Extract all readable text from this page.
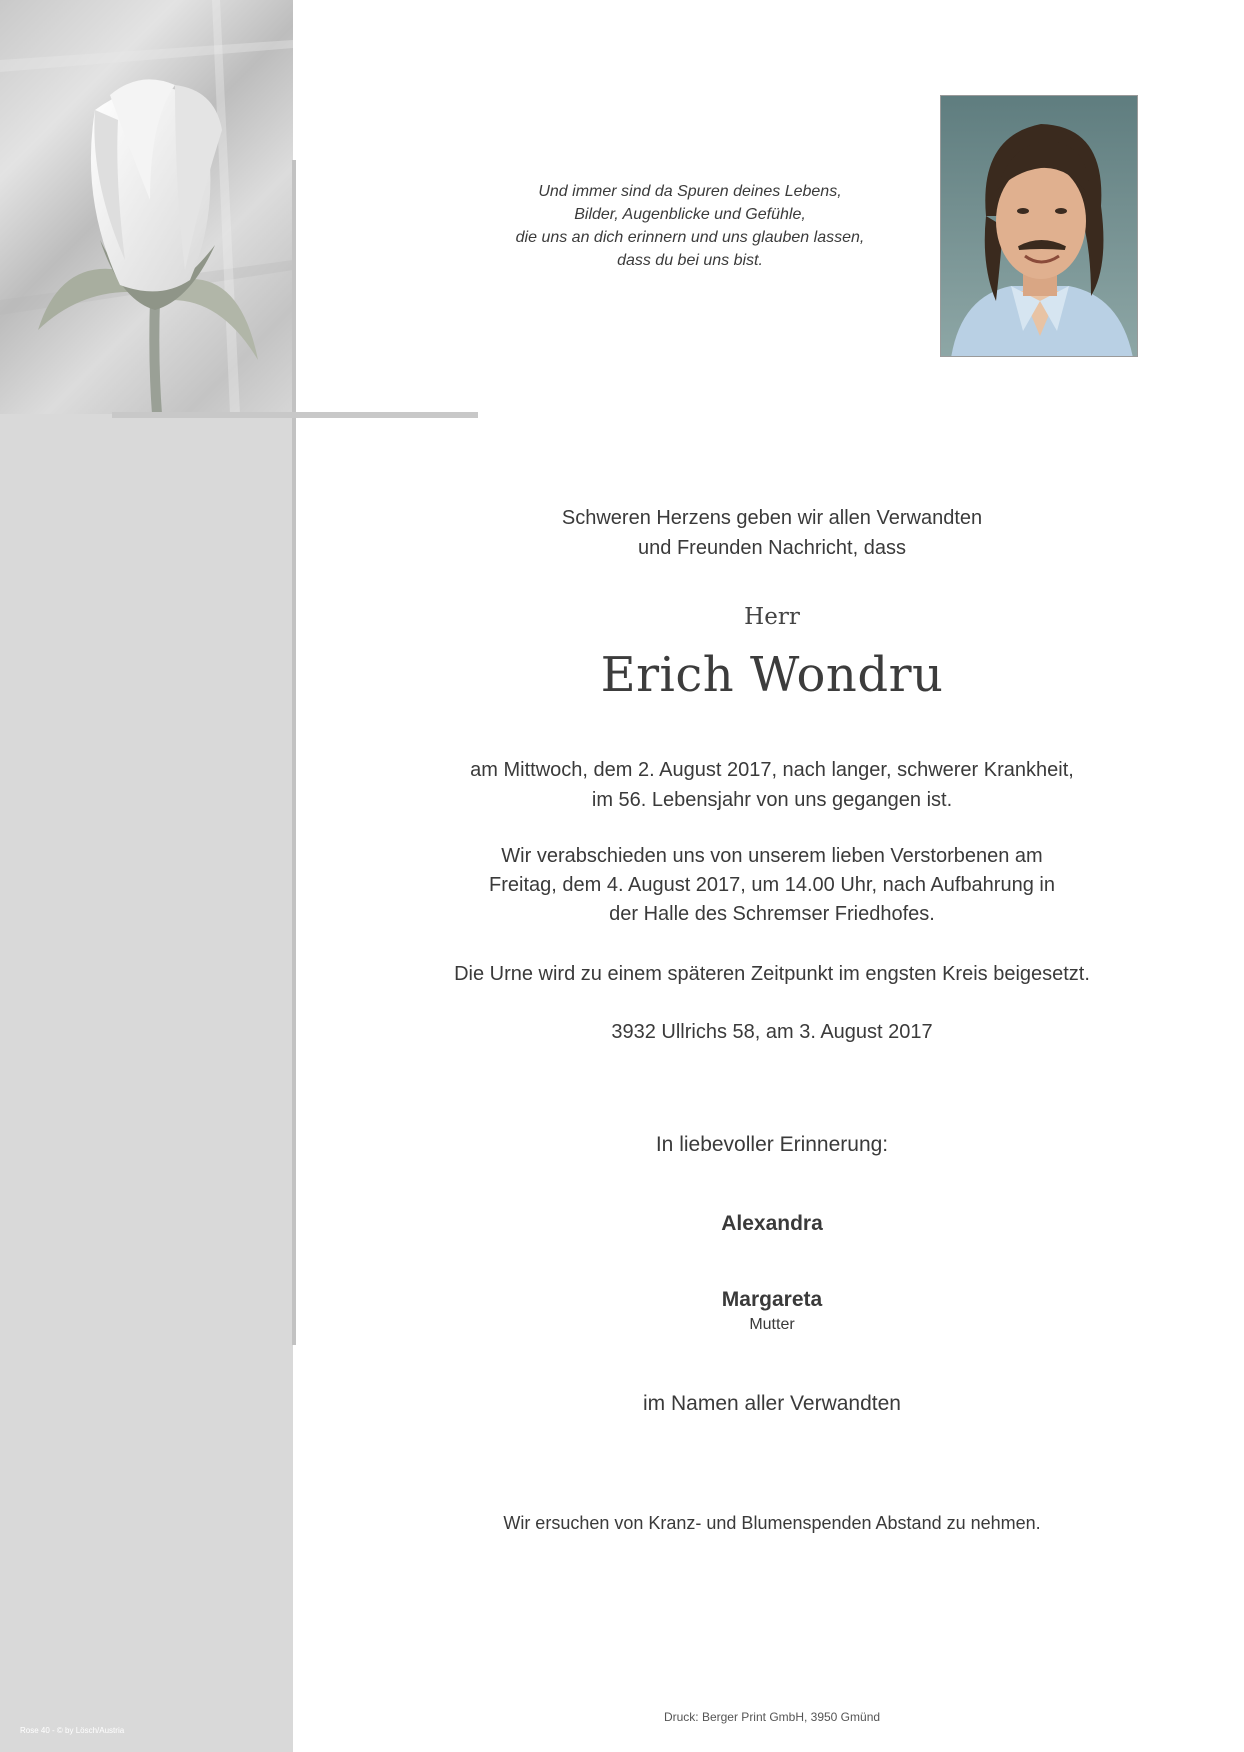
Rose 40 - © by Lösch/Austria
Und immer sind da Spuren deines Lebens,
Bilder, Augenblicke und Gefühle,
die uns an dich erinnern und uns glauben lassen,
dass du bei uns bist.
Schweren Herzens geben wir allen Verwandten
und Freunden Nachricht, dass
Herr
Erich Wondru
am Mittwoch, dem 2. August 2017, nach langer, schwerer Krankheit,
im 56. Lebensjahr von uns gegangen ist.
Wir verabschieden uns von unserem lieben Verstorbenen am
Freitag, dem 4. August 2017, um 14.00 Uhr, nach Aufbahrung in
der Halle des Schremser Friedhofes.
Die Urne wird zu einem späteren Zeitpunkt im engsten Kreis beigesetzt.
3932 Ullrichs 58, am 3. August 2017
In liebevoller Erinnerung:
Alexandra
Margareta
Mutter
im Namen aller Verwandten
Wir ersuchen von Kranz- und Blumenspenden Abstand zu nehmen.
Druck: Berger Print GmbH, 3950 Gmünd
